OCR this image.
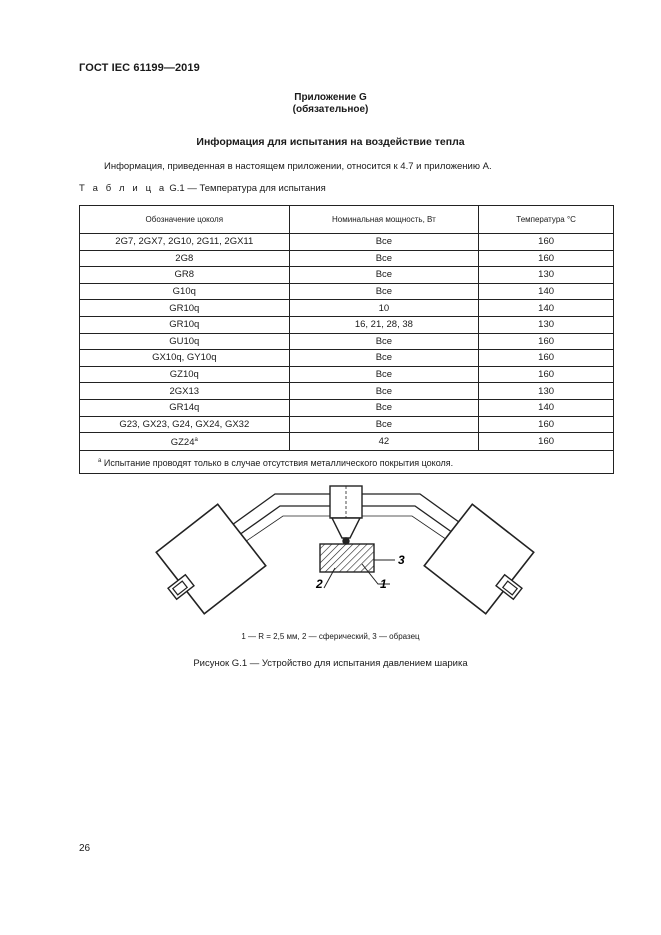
ГОСТ IEC 61199—2019
Приложение G
(обязательное)
Информация для испытания на воздействие тепла
Информация, приведенная в настоящем приложении, относится к 4.7 и приложению А.
Т а б л и ц а G.1 — Температура для испытания
Обозначение цоколя	Номинальная мощность, Вт	Температура °С
2G7, 2GX7, 2G10, 2G11, 2GX11	Все	160
2G8	Все	160
GR8	Все	130
G10q	Все	140
GR10q	10	140
GR10q	16, 21, 28, 38	130
GU10q	Все	160
GX10q, GY10q	Все	160
GZ10q	Все	160
2GX13	Все	130
GR14q	Все	140
G23, GX23, G24, GX24, GX32	Все	160
GZ24$^a$	42	160
$^a$ Испытание проводят только в случае отсутствия металлического покрытия цоколя.		
3
1
2
1 — R = 2,5 мм, 2 — сферический, 3 — образец
Рисунок G.1 — Устройство для испытания давлением шарика
26
